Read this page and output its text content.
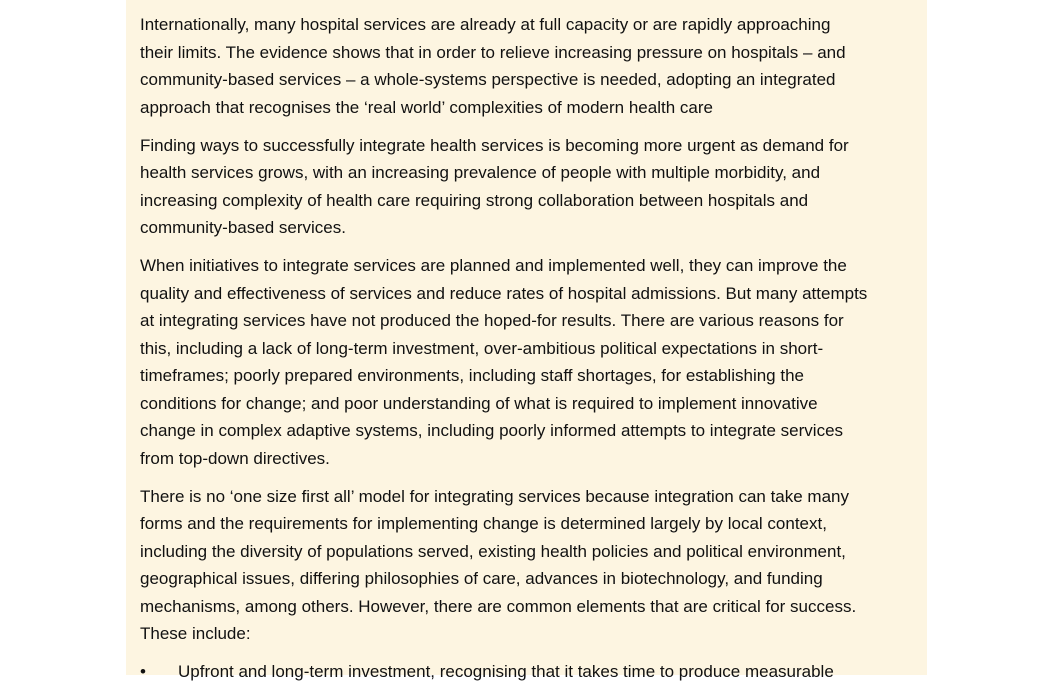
Internationally, many hospital services are already at full capacity or are rapidly approaching
their limits. The evidence shows that in order to relieve increasing pressure on hospitals – and
community-based services – a whole-systems perspective is needed, adopting an integrated
approach that recognises the ‘real world’ complexities of modern health care
Finding ways to successfully integrate health services is becoming more urgent as demand for
health services grows, with an increasing prevalence of people with multiple morbidity, and
increasing complexity of health care requiring strong collaboration between hospitals and
community-based services.
When initiatives to integrate services are planned and implemented well, they can improve the
quality and effectiveness of services and reduce rates of hospital admissions. But many attempts
at integrating services have not produced the hoped-for results. There are various reasons for
this, including a lack of long-term investment, over-ambitious political expectations in short-
timeframes; poorly prepared environments, including staff shortages, for establishing the
conditions for change; and poor understanding of what is required to implement innovative
change in complex adaptive systems, including poorly informed attempts to integrate services
from top-down directives.
There is no ‘one size first all’ model for integrating services because integration can take many
forms and the requirements for implementing change is determined largely by local context,
including the diversity of populations served, existing health policies and political environment,
geographical issues, differing philosophies of care, advances in biotechnology, and funding
mechanisms, among others. However, there are common elements that are critical for success.
These include:
• Upfront and long-term investment, recognising that it takes time to produce measurable
